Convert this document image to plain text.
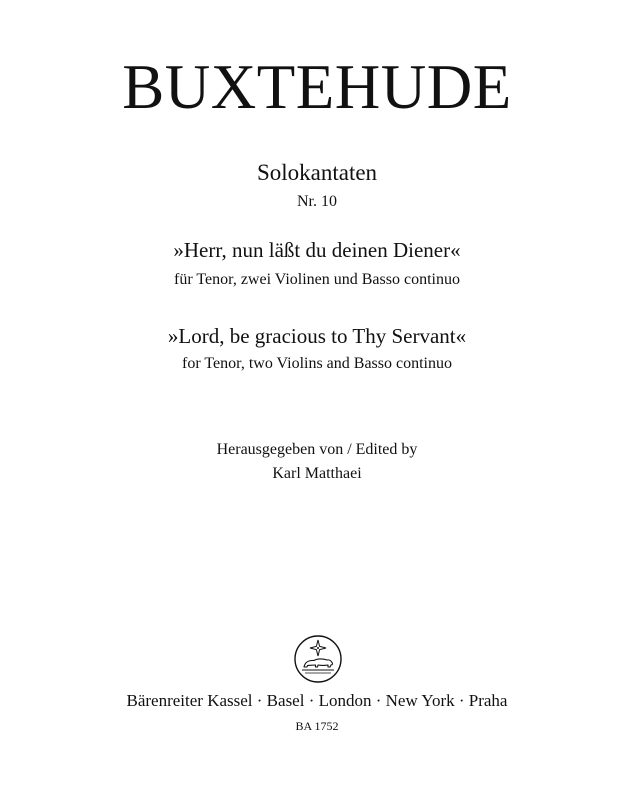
BUXTEHUDE
Solokantaten
Nr. 10
»Herr, nun läßt du deinen Diener«
für Tenor, zwei Violinen und Basso continuo
»Lord, be gracious to Thy Servant«
for Tenor, two Violins and Basso continuo
Herausgegeben von / Edited by
Karl Matthaei
Bärenreiter Kassel · Basel · London · New York · Praha
BA 1752
